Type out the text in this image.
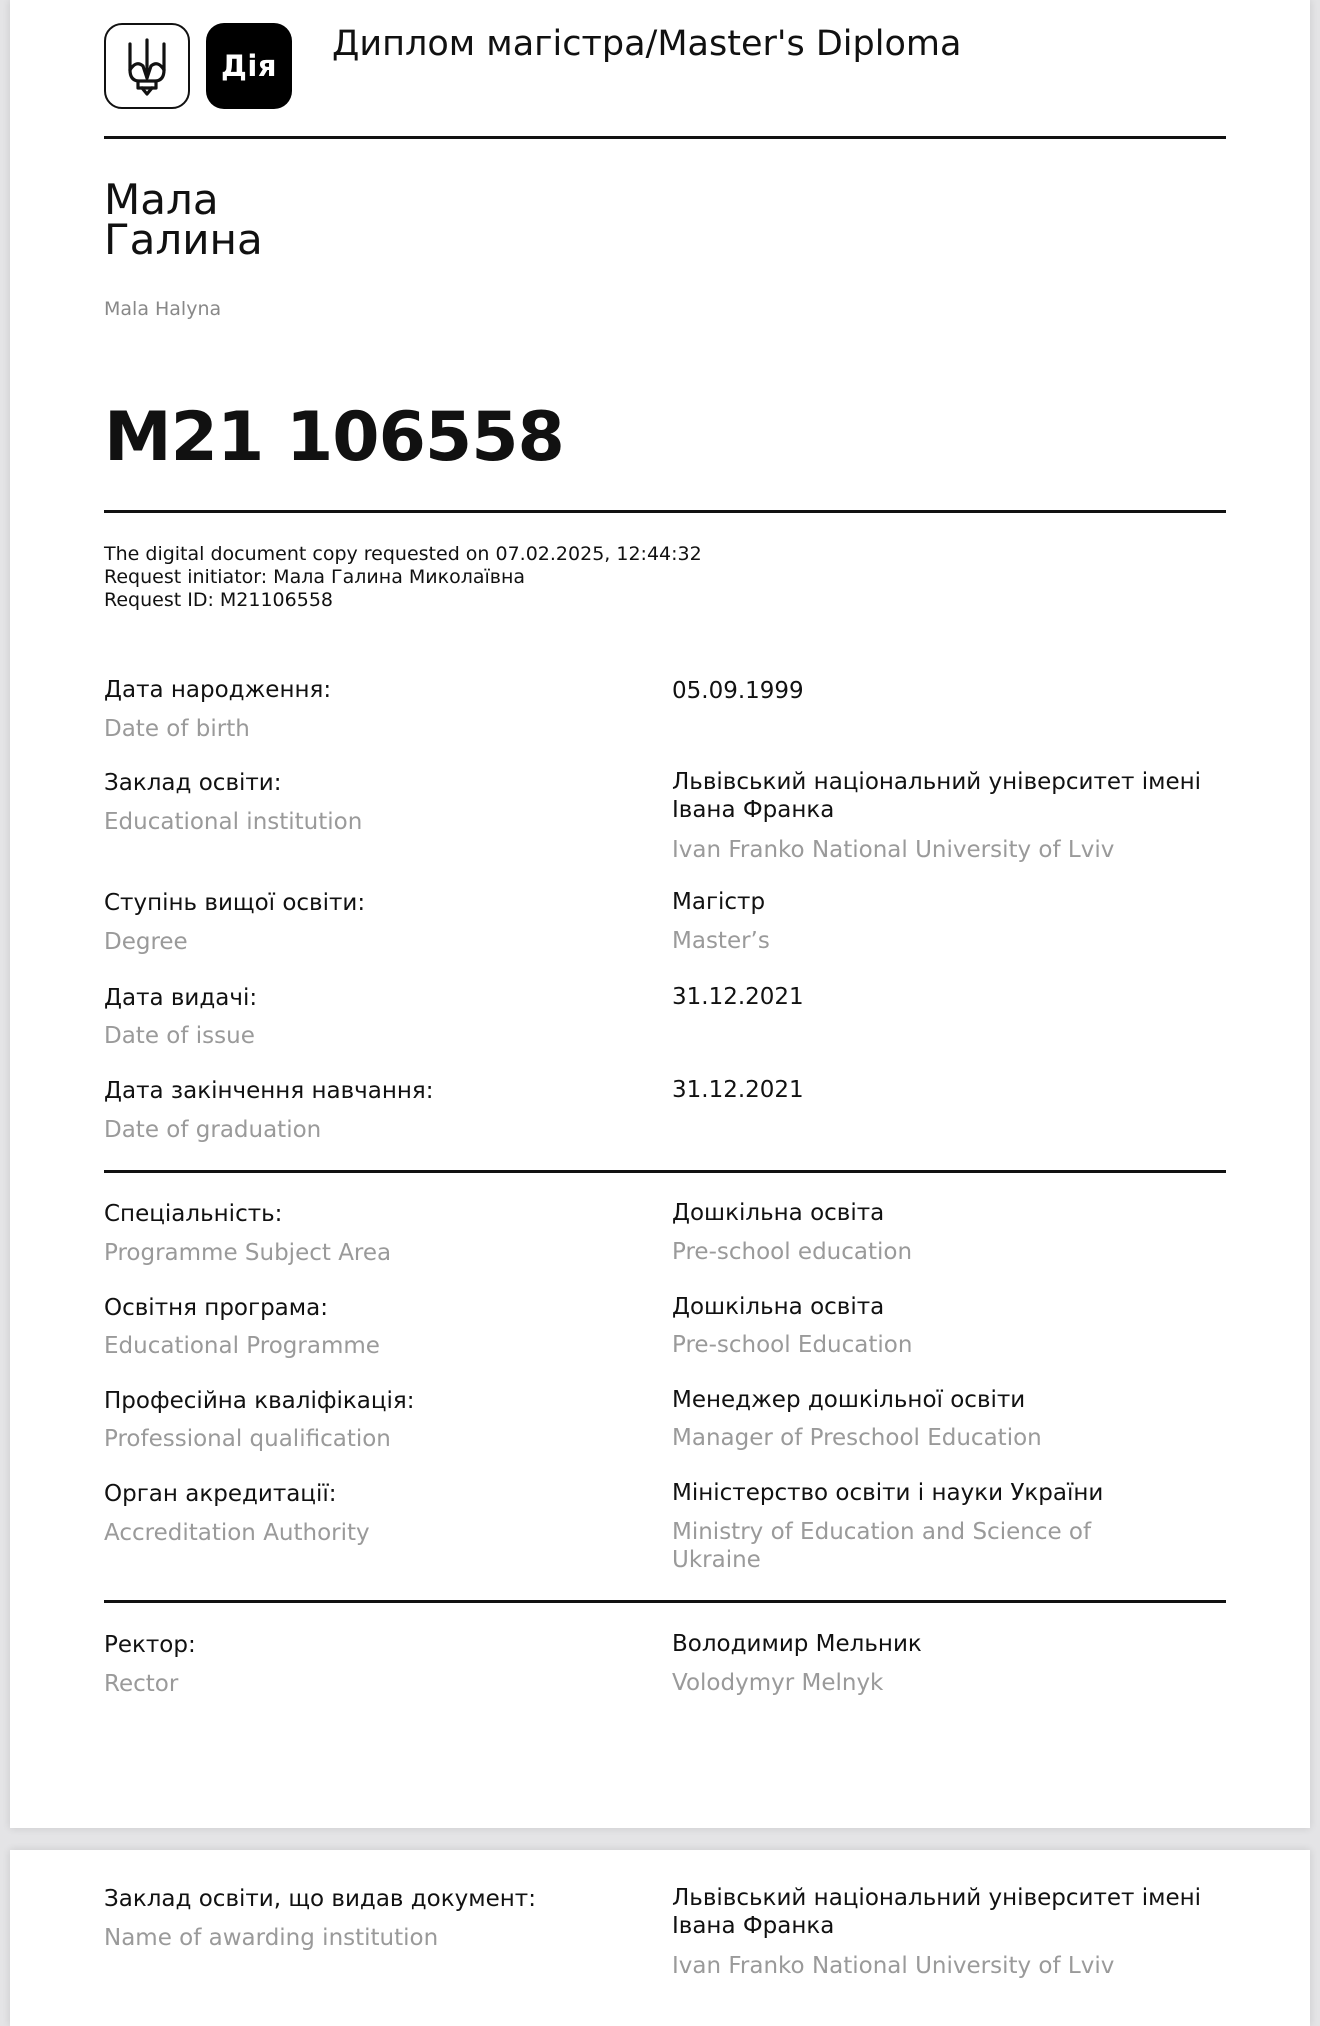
Дія
Диплом магістра/Master's Diploma
Мала
Галина
Mala Halyna
M21 106558
The digital document copy requested on 07.02.2025, 12:44:32
Request initiator: Мала Галина Миколаївна
Request ID: M21106558
Дата народження:
Date of birth
05.09.1999
Заклад освіти:
Educational institution
Львівський національний університет імені Івана Франка
Ivan Franko National University of Lviv
Ступінь вищої освіти:
Degree
Магістр
Master’s
Дата видачі:
Date of issue
31.12.2021
Дата закінчення навчання:
Date of graduation
31.12.2021
Спеціальність:
Programme Subject Area
Дошкільна освіта
Pre-school education
Освітня програма:
Educational Programme
Дошкільна освіта
Pre-school Education
Професійна кваліфікація:
Professional qualification
Менеджер дошкільної освіти
Manager of Preschool Education
Орган акредитації:
Accreditation Authority
Міністерство освіти і науки України
Ministry of Education and Science of Ukraine
Ректор:
Rector
Володимир Мельник
Volodymyr Melnyk
Заклад освіти, що видав документ:
Name of awarding institution
Львівський національний університет імені Івана Франка
Ivan Franko National University of Lviv
